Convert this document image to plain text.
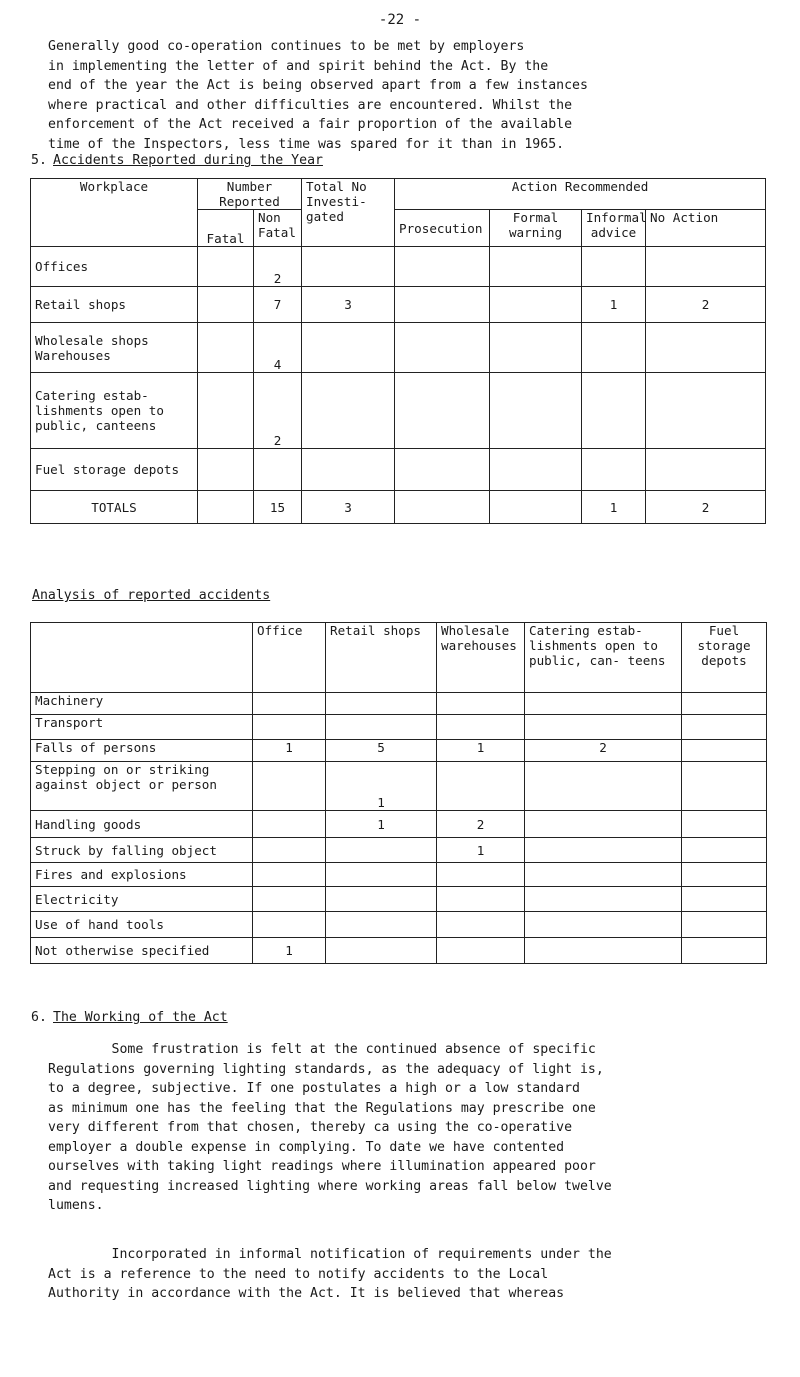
-22 -

Generally good co-operation continues to be met by employers
in implementing the letter of and spirit behind the Act. By the
end of the year the Act is being observed apart from a few instances
where practical and other difficulties are encountered. Whilst the
enforcement of the Act received a fair proportion of the available
time of the Inspectors, less time was spared for it than in 1965.

5. Accidents Reported during the Year
Workplace	Number Reported		Total No Investi- gated	Action Recommended			
	Fatal	Non Fatal		Prosecution	Formal warning	Informal advice	No Action
Offices		2					
Retail shops		7	3			1	2
Wholesale shops Warehouses		4					
Catering estab- lishments open to public, canteens		2					
Fuel storage depots							
TOTALS		15	3			1	2
Analysis of reported accidents
	Office	Retail shops	Wholesale warehouses	Catering estab- lishments open to public, can- teens	Fuel storage depots
Machinery					
Transport					
Falls of persons	1	5	1	2	
Stepping on or striking against object or person		1			
Handling goods		1	2		
Struck by falling object			1		
Fires and explosions					
Electricity					
Use of hand tools					
Not otherwise specified	1				
6. The Working of the Act

Some frustration is felt at the continued absence of specific
Regulations governing lighting standards, as the adequacy of light is,
to a degree, subjective. If one postulates a high or a low standard
as minimum one has the feeling that the Regulations may prescribe one
very different from that chosen, thereby ca using the co-operative
employer a double expense in complying. To date we have contented
ourselves with taking light readings where illumination appeared poor
and requesting increased lighting where working areas fall below twelve
lumens.

Incorporated in informal notification of requirements under the
Act is a reference to the need to notify accidents to the Local
Authority in accordance with the Act. It is believed that whereas
